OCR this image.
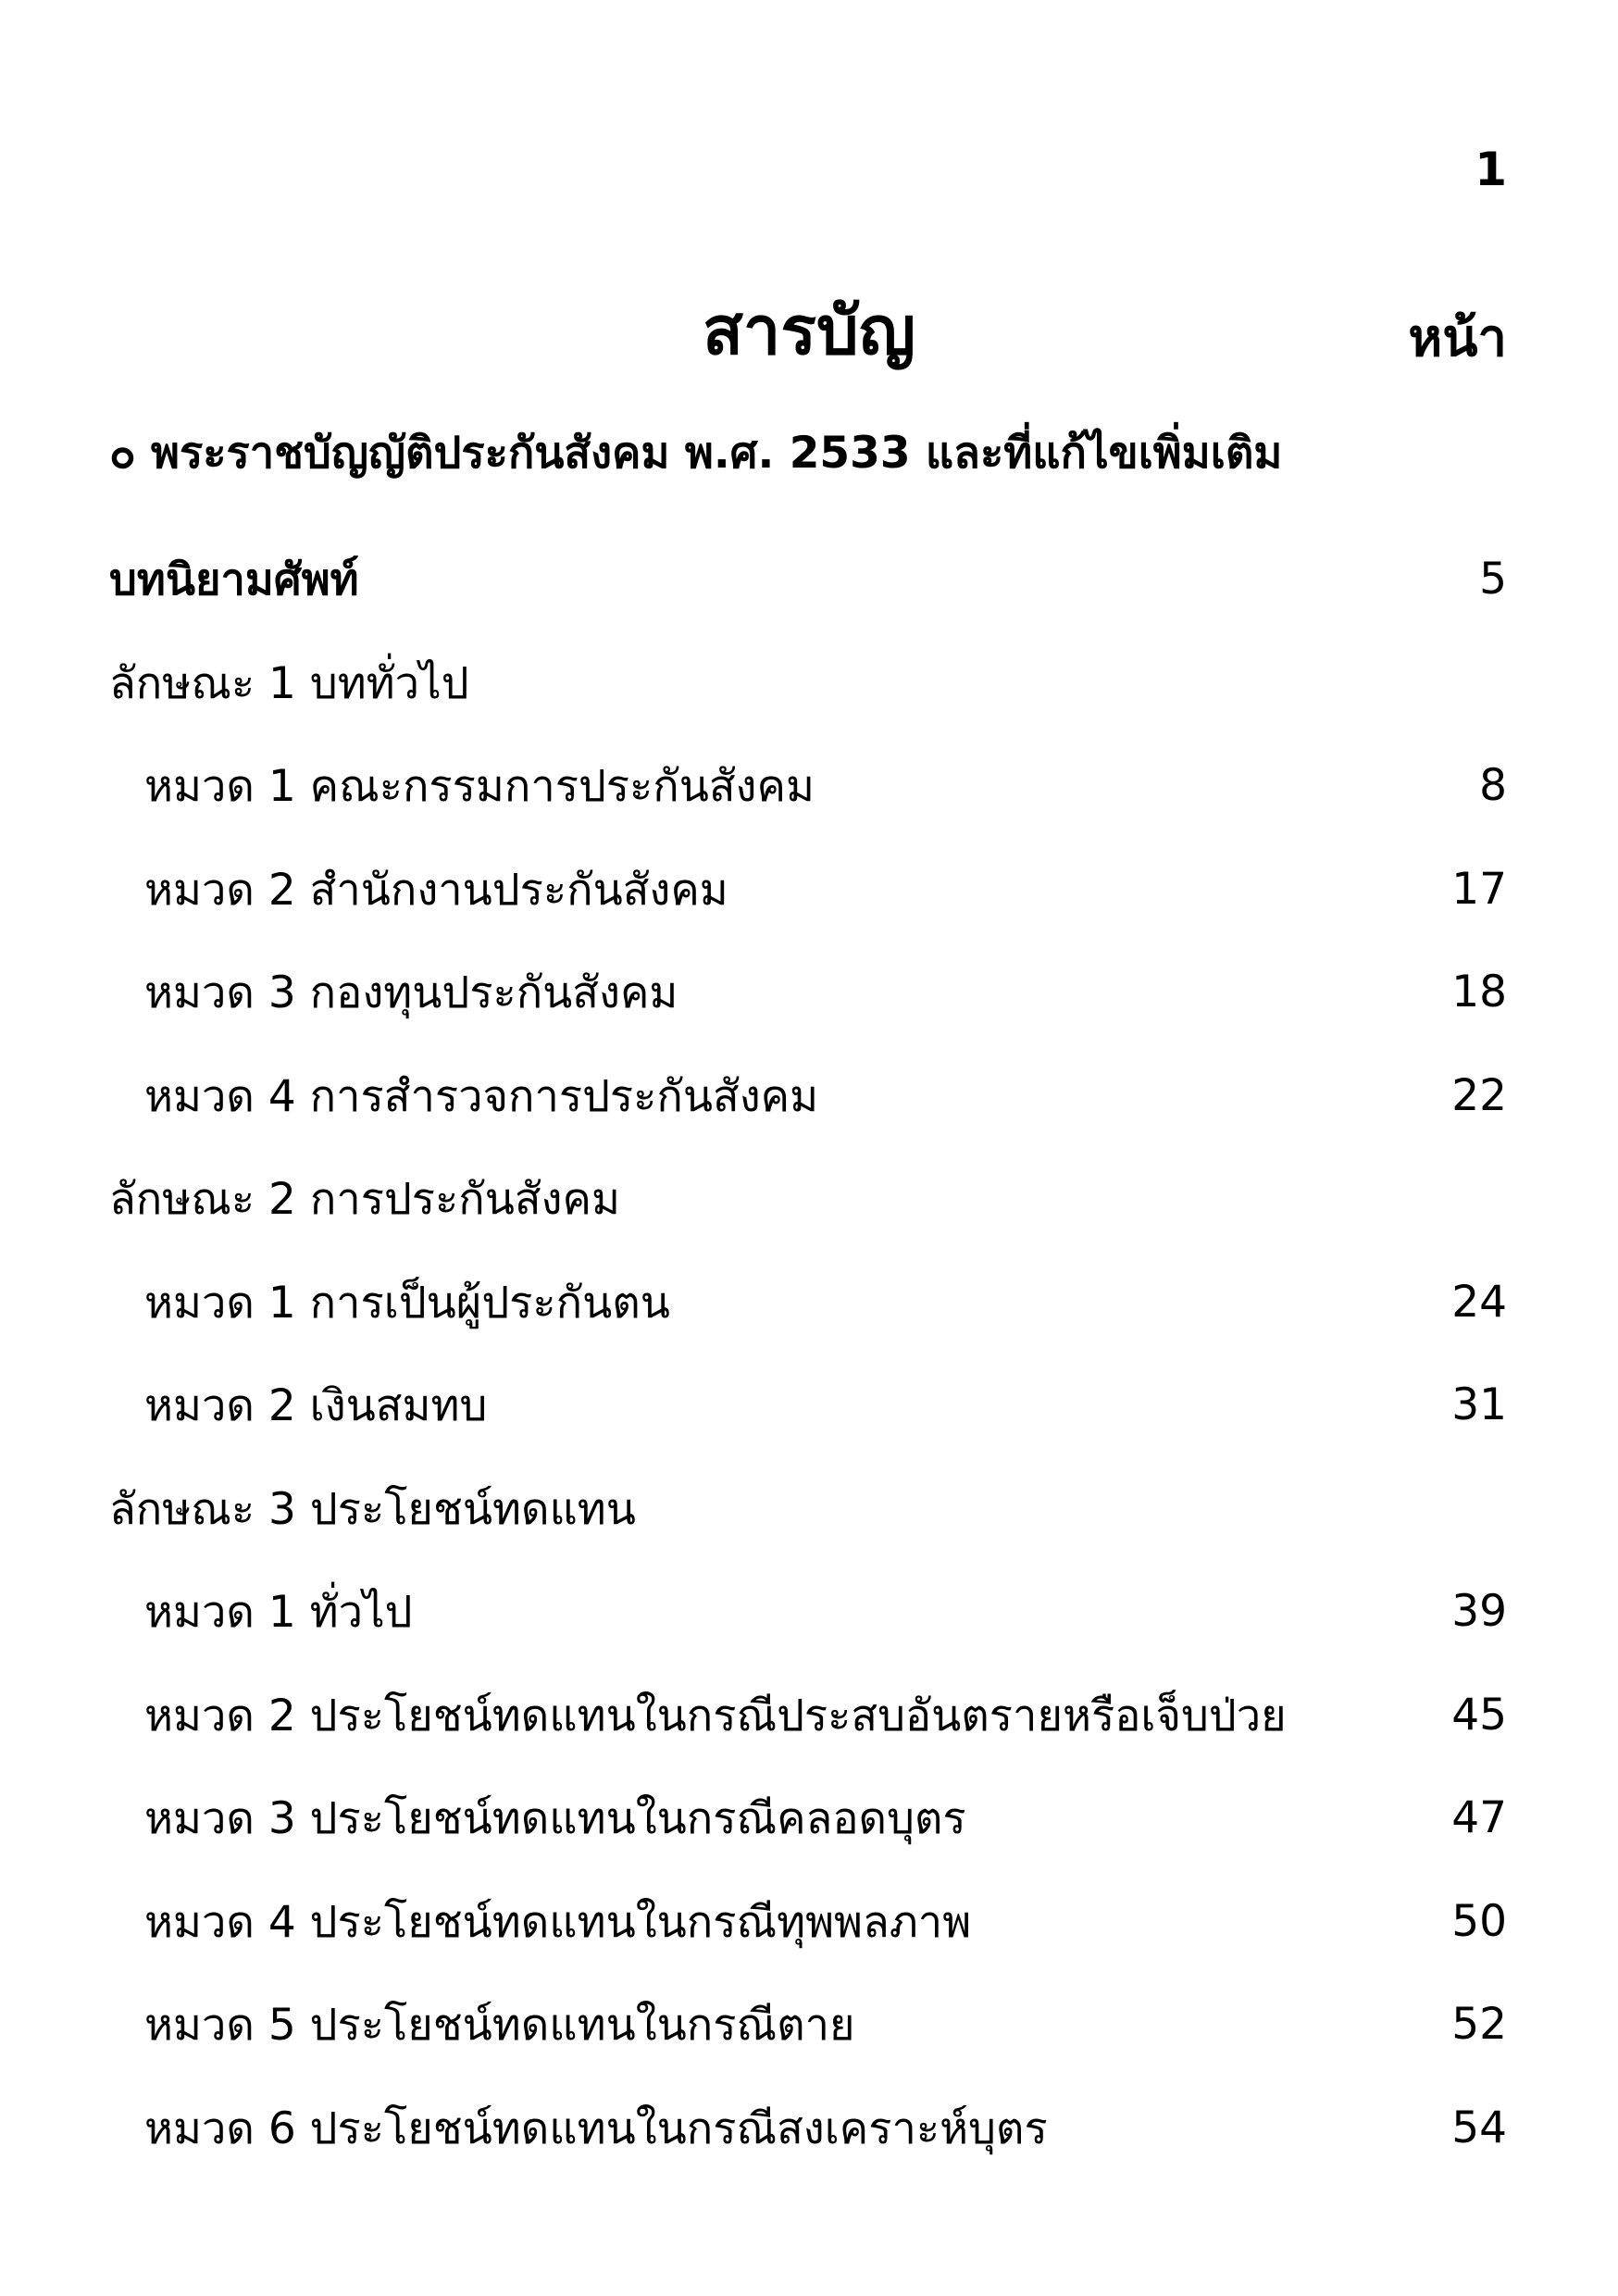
1
สารบัญ	หน้า
๐ พระราชบัญญัติประกันสังคม พ.ศ. 2533 และที่แก้ไขเพิ่มเติม
บทนิยามศัพท์	5
ลักษณะ 1 บททั่วไป
หมวด 1 คณะกรรมการประกันสังคม	8
หมวด 2 สำนักงานประกันสังคม	17
หมวด 3 กองทุนประกันสังคม	18
หมวด 4 การสำรวจการประกันสังคม	22
ลักษณะ 2 การประกันสังคม
หมวด 1 การเป็นผู้ประกันตน	24
หมวด 2 เงินสมทบ	31
ลักษณะ 3 ประโยชน์ทดแทน
หมวด 1 ทั่วไป	39
หมวด 2 ประโยชน์ทดแทนในกรณีประสบอันตรายหรือเจ็บป่วย	45
หมวด 3 ประโยชน์ทดแทนในกรณีคลอดบุตร	47
หมวด 4 ประโยชน์ทดแทนในกรณีทุพพลภาพ	50
หมวด 5 ประโยชน์ทดแทนในกรณีตาย	52
หมวด 6 ประโยชน์ทดแทนในกรณีสงเคราะห์บุตร	54
